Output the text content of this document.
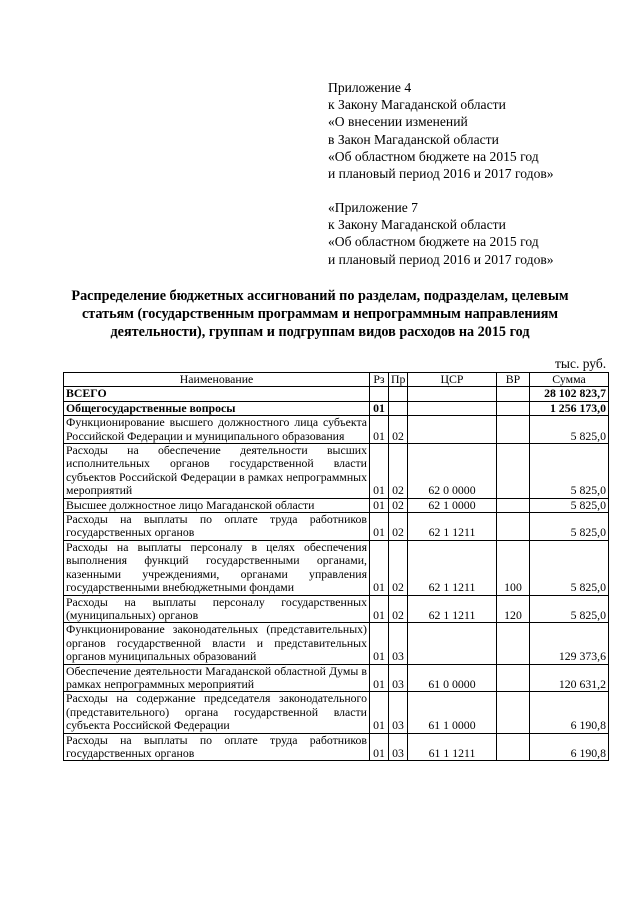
Приложение 4
к Закону Магаданской области
«О внесении изменений
в Закон Магаданской области
«Об областном бюджете на 2015 год
и плановый период 2016 и 2017 годов»
«Приложение 7
к Закону Магаданской области
«Об областном бюджете на 2015 год
и плановый период 2016 и 2017 годов»
Распределение бюджетных ассигнований по разделам, подразделам, целевым статьям (государственным программам и непрограммным направлениям деятельности), группам и подгруппам видов расходов на 2015 год
тыс. руб.
Наименование	Рз	Пр	ЦСР	ВР	Сумма
ВСЕГО					28 102 823,7
Общегосударственные вопросы	01				1 256 173,0
Функционирование высшего должностного лица субъекта Российской Федерации и муниципального образования	01	02			5 825,0
Расходы на обеспечение деятельности высших исполнительных органов государственной власти субъектов Российской Федерации в рамках непрограммных мероприятий	01	02	62 0 0000		5 825,0
Высшее должностное лицо Магаданской области	01	02	62 1 0000		5 825,0
Расходы на выплаты по оплате труда работников государственных органов	01	02	62 1 1211		5 825,0
Расходы на выплаты персоналу в целях обеспечения выполнения функций государственными органами, казенными учреждениями, органами управления государственными внебюджетными фондами	01	02	62 1 1211	100	5 825,0
Расходы на выплаты персоналу государственных (муниципальных) органов	01	02	62 1 1211	120	5 825,0
Функционирование законодательных (представительных) органов государственной власти и представительных органов муниципальных образований	01	03			129 373,6
Обеспечение деятельности Магаданской областной Думы в рамках непрограммных мероприятий	01	03	61 0 0000		120 631,2
Расходы на содержание председателя законодательного (представительного) органа государственной власти субъекта Российской Федерации	01	03	61 1 0000		6 190,8
Расходы на выплаты по оплате труда работников государственных органов	01	03	61 1 1211		6 190,8
